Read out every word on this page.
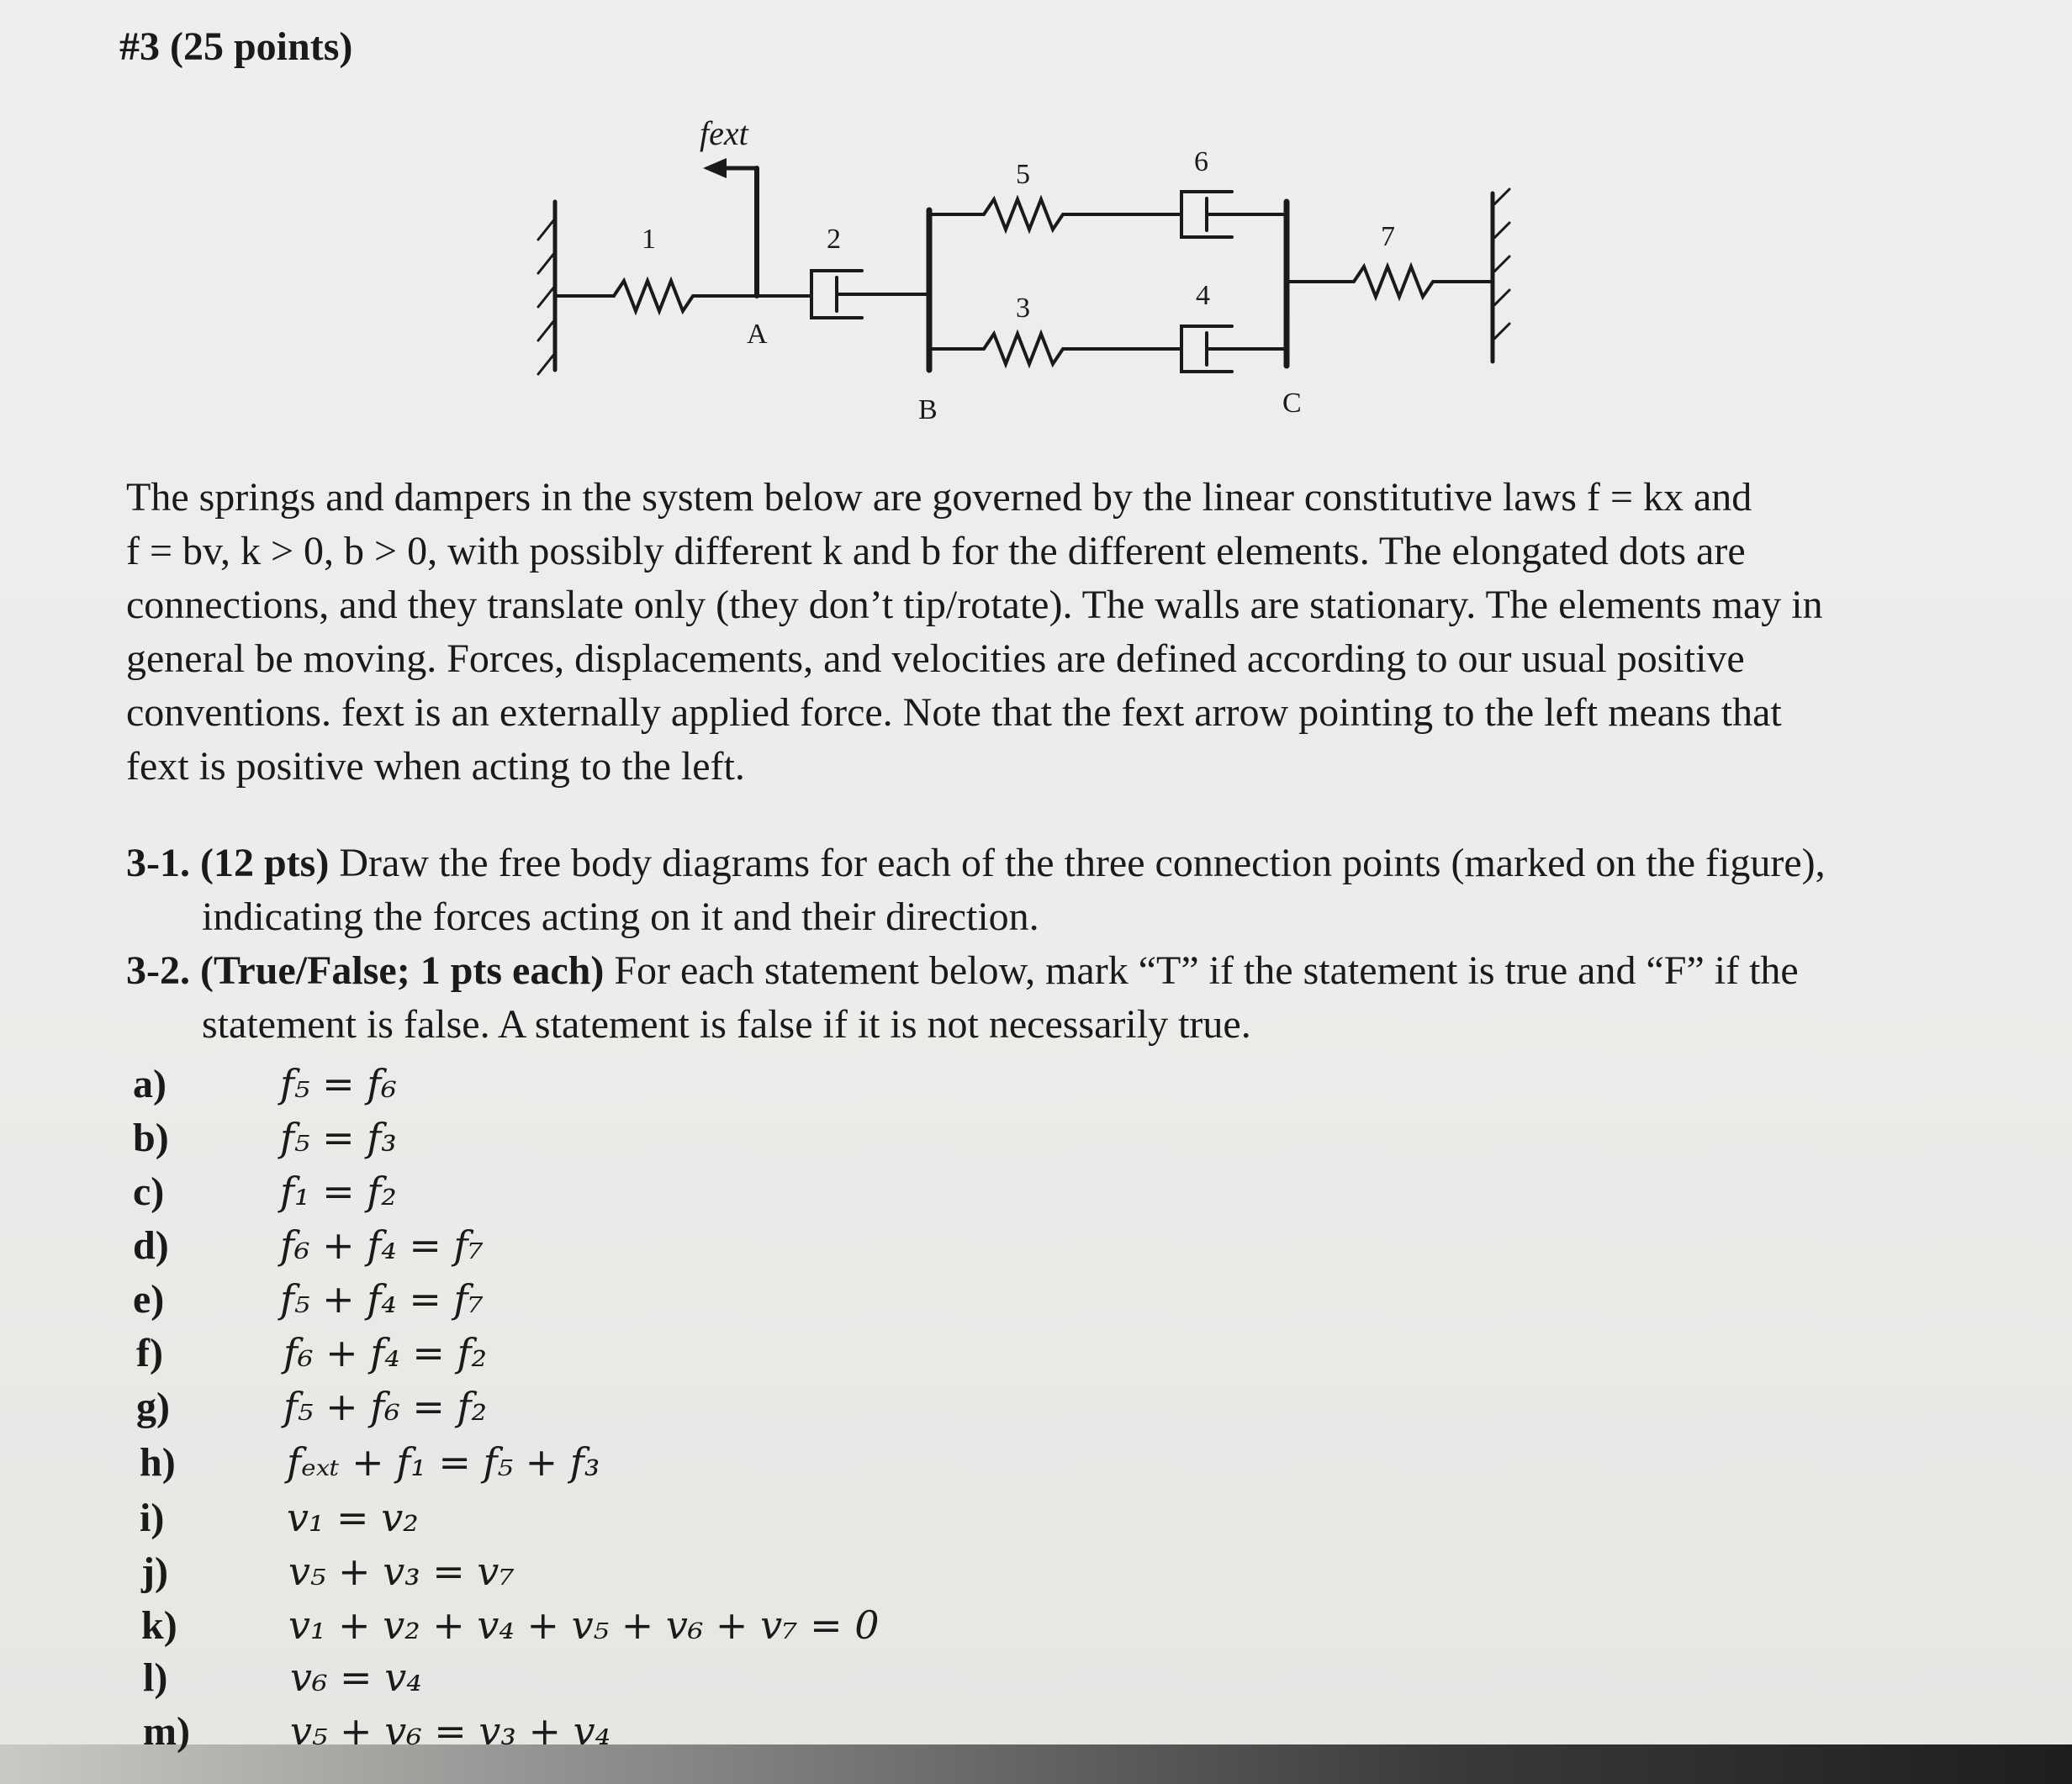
#3 (25 points)
fext
1	2
3	4
5	6
7
A
B	C

The springs and dampers in the system below are governed by the linear constitutive laws f = kx and

f = bv, k > 0, b > 0, with possibly different k and b for the different elements. The elongated dots are

connections, and they translate only (they don’t tip/rotate). The walls are stationary. The elements may in

general be moving. Forces, displacements, and velocities are defined according to our usual positive

conventions. fext is an externally applied force. Note that the fext arrow pointing to the left means that

fext is positive when acting to the left.

3-1. (12 pts) Draw the free body diagrams for each of the three connection points (marked on the figure),
indicating the forces acting on it and their direction.
3-2. (True/False; 1 pts each) For each statement below, mark “T” if the statement is true and “F” if the
statement is false. A statement is false if it is not necessarily true.
a)	f₅ = f₆
b)	f₅ = f₃
c)	f₁ = f₂
d)	f₆ + f₄ = f₇
e)	f₅ + f₄ = f₇
f)	f₆ + f₄ = f₂
g)	f₅ + f₆ = f₂
h)	fₑₓₜ + f₁ = f₅ + f₃
i)	v₁ = v₂
j)	v₅ + v₃ = v₇
k)	v₁ + v₂ + v₄ + v₅ + v₆ + v₇ = 0
l)	v₆ = v₄
m)	v₅ + v₆ = v₃ + v₄
